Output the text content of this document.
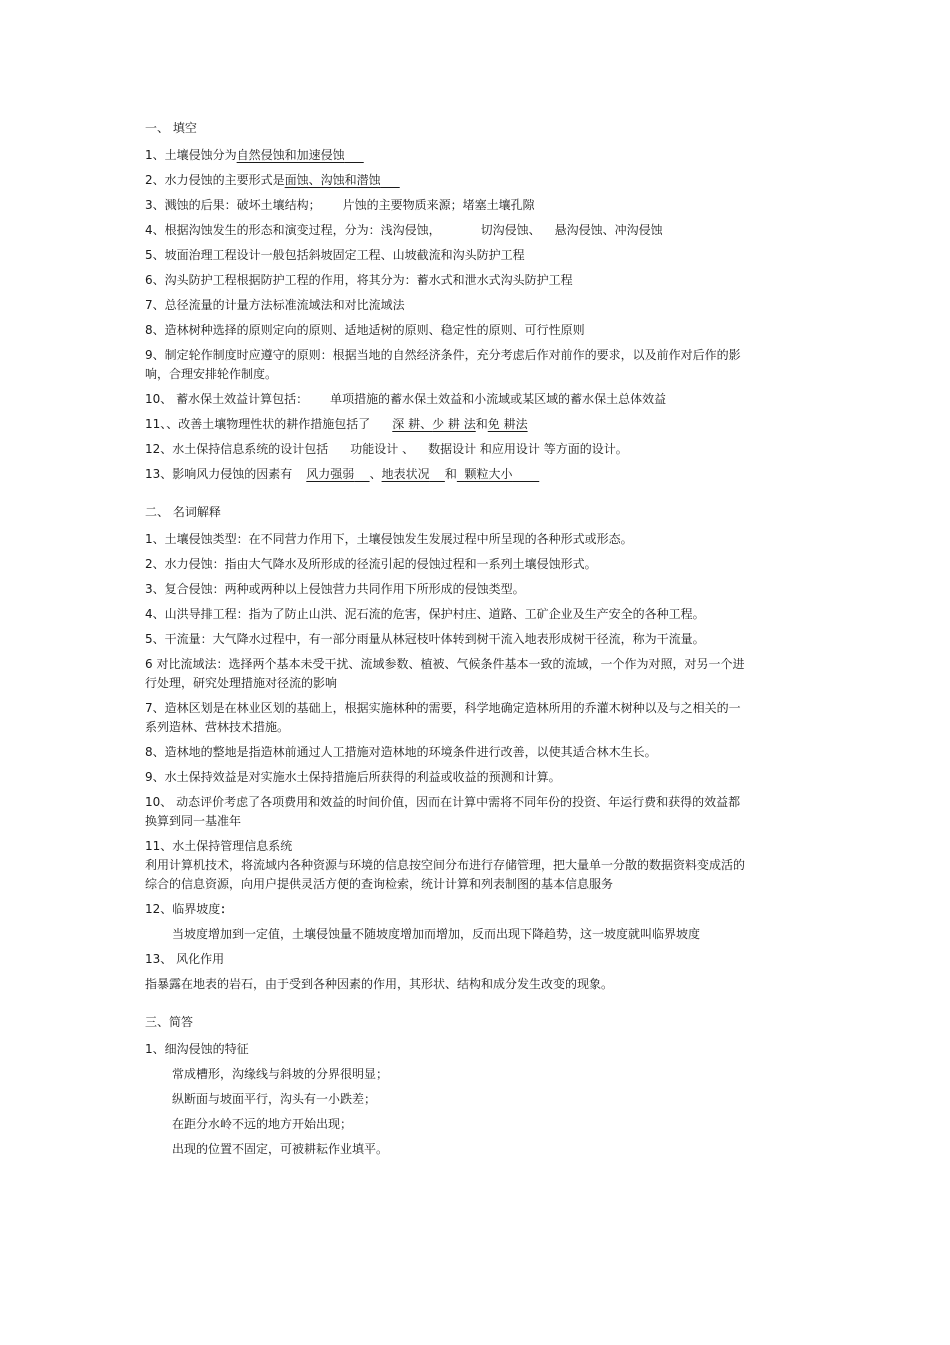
一、 填空
1、土壤侵蚀分为自然侵蚀和加速侵蚀
2、水力侵蚀的主要形式是面蚀、沟蚀和潜蚀
3、溅蚀的后果：破坏土壤结构； 片蚀的主要物质来源；堵塞土壤孔隙
4、根据沟蚀发生的形态和演变过程，分为：浅沟侵蚀，	切沟侵蚀、 悬沟侵蚀、冲沟侵蚀
5、坡面治理工程设计一般包括斜坡固定工程、山坡截流和沟头防护工程
6、沟头防护工程根据防护工程的作用，将其分为：蓄水式和泄水式沟头防护工程
7、总径流量的计量方法标准流域法和对比流域法
8、造林树种选择的原则定向的原则、适地适树的原则、稳定性的原则、可行性原则
9、制定轮作制度时应遵守的原则：根据当地的自然经济条件，充分考虑后作对前作的要求，以及前作对后作的影响，合理安排轮作制度。
10、 蓄水保土效益计算包括： 单项措施的蓄水保土效益和小流域或某区域的蓄水保土总体效益
11、、改善土壤物理性状的耕作措施包括了 深 耕、少 耕 法和免 耕法
12、水土保持信息系统的设计包括 功能设计 、 数据设计 和应用设计 等方面的设计。
13、影响风力侵蚀的因素有 风力强弱 、地表状况 和 颗粒大小
二、 名词解释
1、土壤侵蚀类型：在不同营力作用下，土壤侵蚀发生发展过程中所呈现的各种形式或形态。
2、水力侵蚀：指由大气降水及所形成的径流引起的侵蚀过程和一系列土壤侵蚀形式。
3、复合侵蚀：两种或两种以上侵蚀营力共同作用下所形成的侵蚀类型。
4、山洪导排工程：指为了防止山洪、泥石流的危害，保护村庄、道路、工矿企业及生产安全的各种工程。
5、干流量：大气降水过程中，有一部分雨量从林冠枝叶体转到树干流入地表形成树干径流，称为干流量。
6 对比流域法：选择两个基本未受干扰、流域参数、植被、气候条件基本一致的流域，一个作为对照，对另一个进行处理，研究处理措施对径流的影响
7、造林区划是在林业区划的基础上，根据实施林种的需要，科学地确定造林所用的乔灌木树种以及与之相关的一系列造林、营林技术措施。
8、造林地的整地是指造林前通过人工措施对造林地的环境条件进行改善，以使其适合林木生长。
9、水土保持效益是对实施水土保持措施后所获得的利益或收益的预测和计算。
10、 动态评价考虑了各项费用和效益的时间价值，因而在计算中需将不同年份的投资、年运行费和获得的效益都换算到同一基准年
11、水土保持管理信息系统
利用计算机技术，将流域内各种资源与环境的信息按空间分布进行存储管理，把大量单一分散的数据资料变成活的综合的信息资源，向用户提供灵活方便的查询检索，统计计算和列表制图的基本信息服务
12、临界坡度：
当坡度增加到一定值，土壤侵蚀量不随坡度增加而增加，反而出现下降趋势，这一坡度就叫临界坡度
13、 风化作用
指暴露在地表的岩石，由于受到各种因素的作用，其形状、结构和成分发生改变的现象。
三、简答
1、细沟侵蚀的特征
常成槽形，沟缘线与斜坡的分界很明显；
纵断面与坡面平行，沟头有一小跌差；
在距分水岭不远的地方开始出现；
出现的位置不固定，可被耕耘作业填平。
